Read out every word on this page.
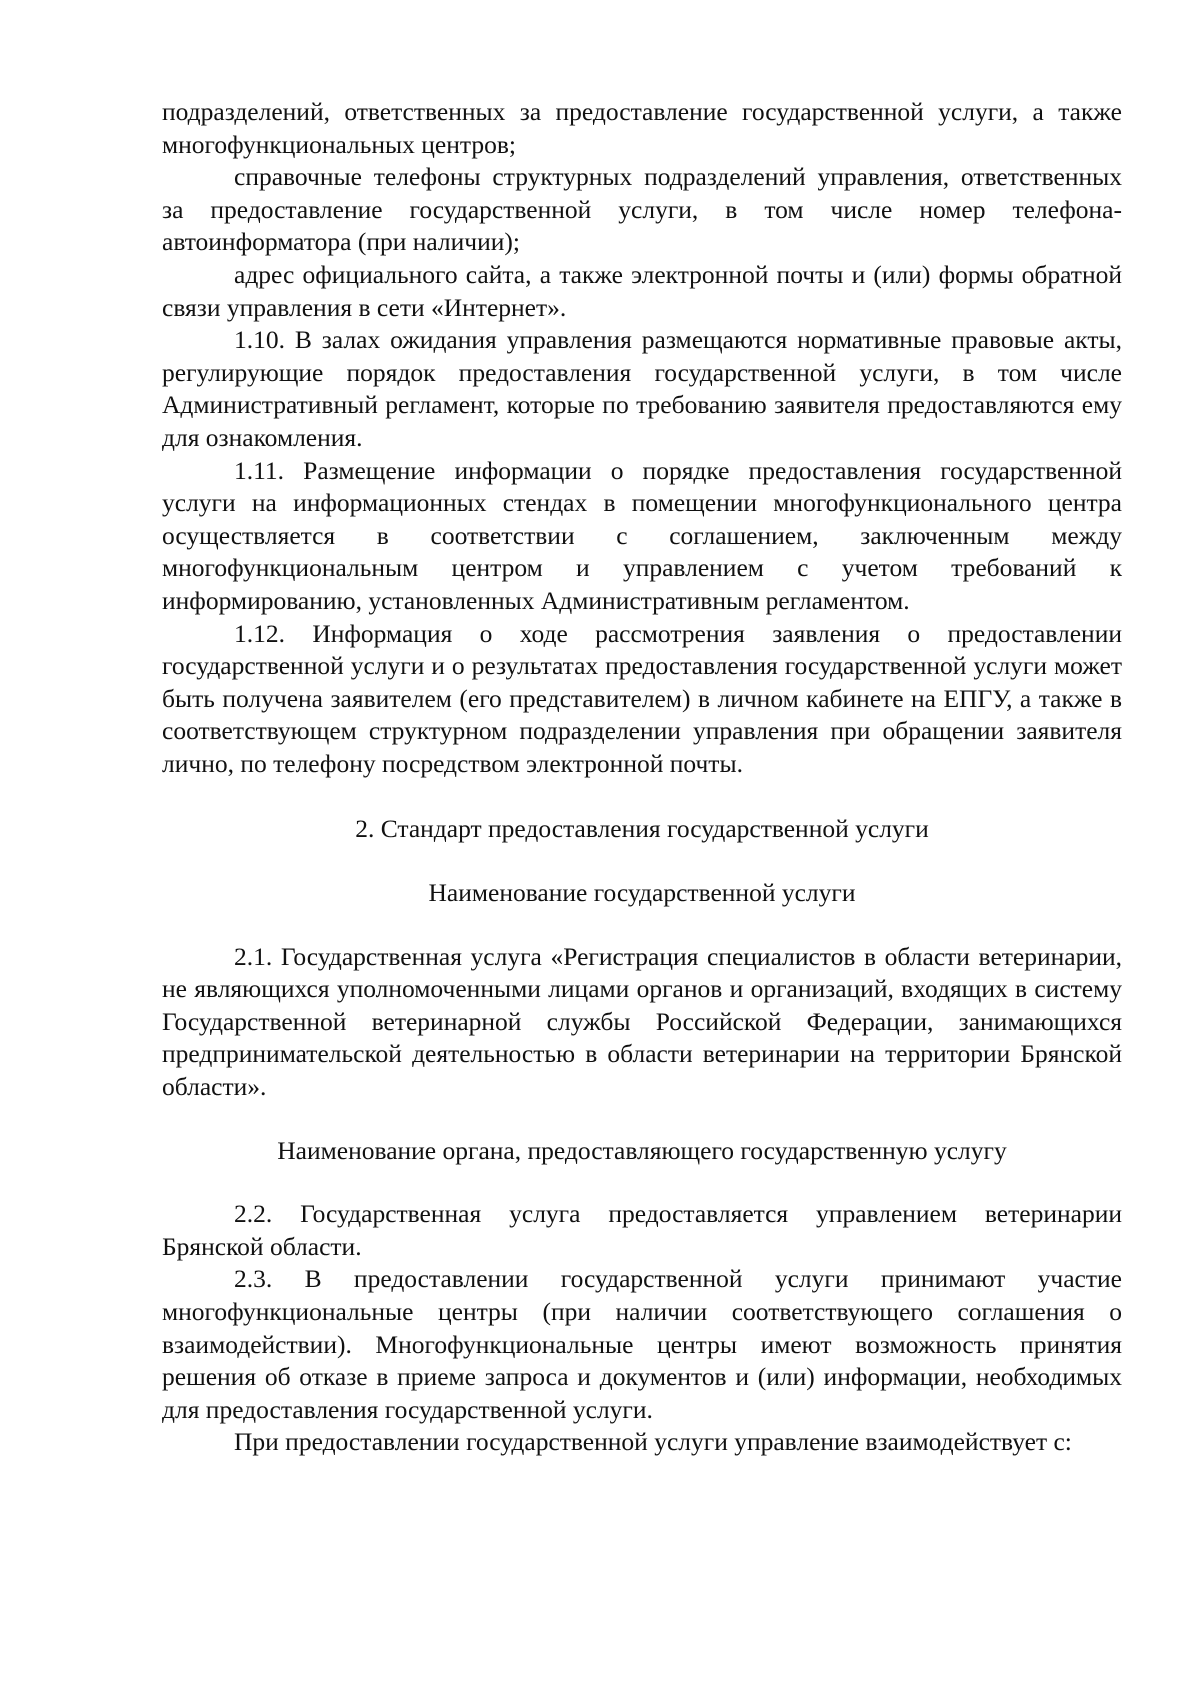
подразделений, ответственных за предоставление государственной услуги, а также многофункциональных центров;

справочные телефоны структурных подразделений управления, ответственных за предоставление государственной услуги, в том числе номер телефона-автоинформатора (при наличии);

адрес официального сайта, а также электронной почты и (или) формы обратной связи управления в сети «Интернет».

1.10. В залах ожидания управления размещаются нормативные правовые акты, регулирующие порядок предоставления государственной услуги, в том числе Административный регламент, которые по требованию заявителя предоставляются ему для ознакомления.

1.11. Размещение информации о порядке предоставления государственной услуги на информационных стендах в помещении многофункционального центра осуществляется в соответствии с соглашением, заключенным между многофункциональным центром и управлением с учетом требований к информированию, установленных Административным регламентом.

1.12. Информация о ходе рассмотрения заявления о предоставлении государственной услуги и о результатах предоставления государственной услуги может быть получена заявителем (его представителем) в личном кабинете на ЕПГУ, а также в соответствующем структурном подразделении управления при обращении заявителя лично, по телефону посредством электронной почты.

2. Стандарт предоставления государственной услуги

Наименование государственной услуги

2.1. Государственная услуга «Регистрация специалистов в области ветеринарии, не являющихся уполномоченными лицами органов и организаций, входящих в систему Государственной ветеринарной службы Российской Федерации, занимающихся предпринимательской деятельностью в области ветеринарии на территории Брянской области».

Наименование органа, предоставляющего государственную услугу

2.2. Государственная услуга предоставляется управлением ветеринарии Брянской области.

2.3. В предоставлении государственной услуги принимают участие многофункциональные центры (при наличии соответствующего соглашения о взаимодействии). Многофункциональные центры имеют возможность принятия решения об отказе в приеме запроса и документов и (или) информации, необходимых для предоставления государственной услуги.

При предоставлении государственной услуги управление взаимодействует с:
